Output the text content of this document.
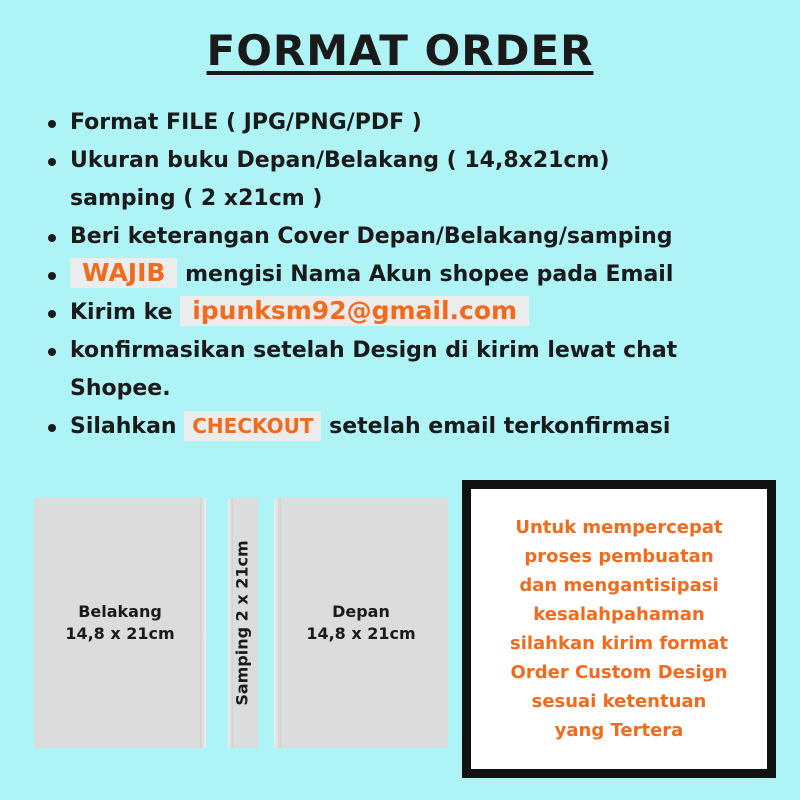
FORMAT ORDER
Format FILE ( JPG/PNG/PDF )
Ukuran buku Depan/Belakang ( 14,8x21cm)
samping ( 2 x21cm )
Beri keterangan Cover Depan/Belakang/samping
WAJIB mengisi Nama Akun shopee pada Email
Kirim ke ipunksm92@gmail.com
konfirmasikan setelah Design di kirim lewat chat
Shopee.
Silahkan CHECKOUT setelah email terkonfirmasi
Belakang
14,8 x 21cm	Samping 2 x 21cm	Depan
14,8 x 21cm

Untuk mempercepat
proses pembuatan
dan mengantisipasi
kesalahpahaman
silahkan kirim format
Order Custom Design
sesuai ketentuan
yang Tertera
